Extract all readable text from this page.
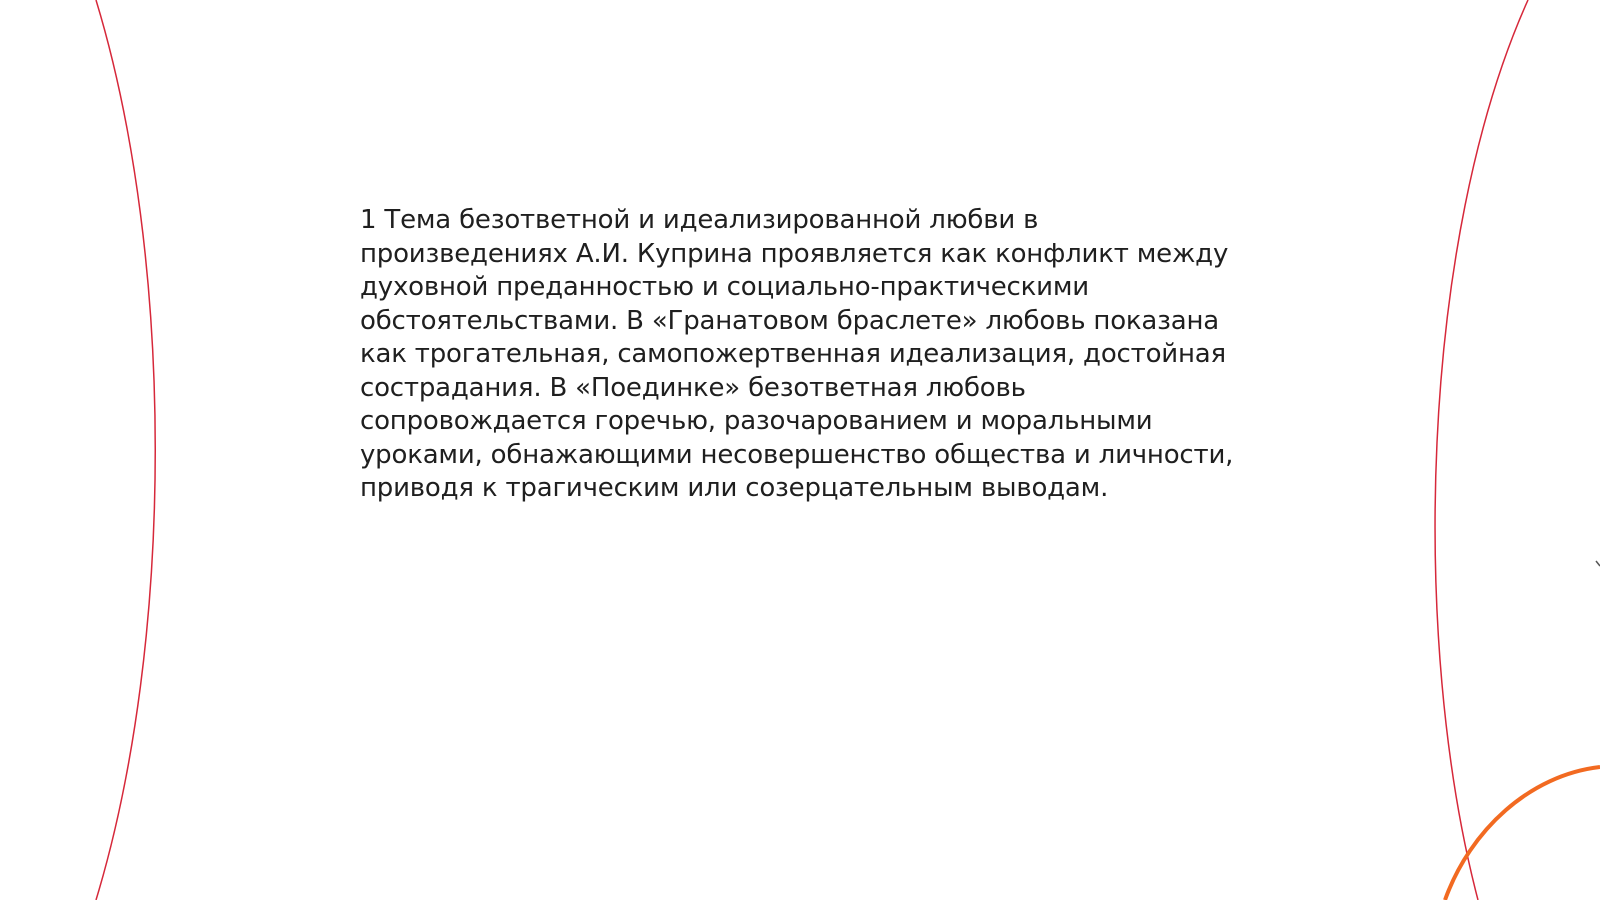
1 Тема безответной и идеализированной любви в произведениях А.И. Куприна проявляется как конфликт между духовной преданностью и социально-практическими обстоятельствами. В «Гранатовом браслете» любовь показана как трогательная, самопожертвенная идеализация, достойная сострадания. В «Поединке» безответная любовь сопровождается горечью, разочарованием и моральными уроками, обнажающими несовершенство общества и личности, приводя к трагическим или созерцательным выводам.
